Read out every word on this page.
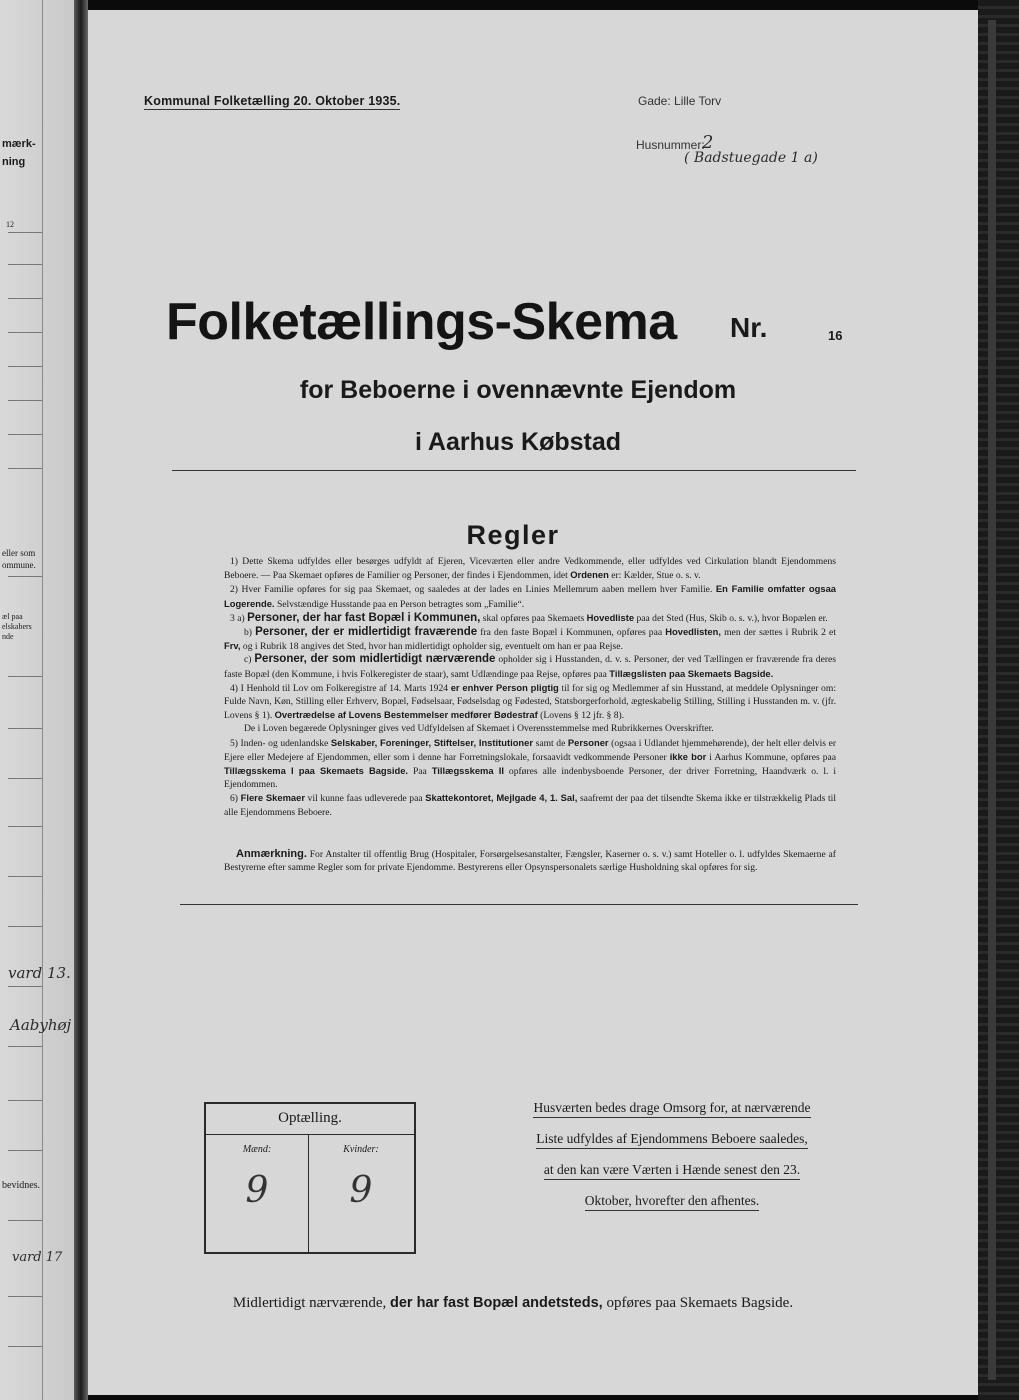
mærk-
ning
12
eller som
ommune.
æl paa
elskabers
nde
vard 13.
Aabyhøj
bevidnes.
vard 17
Kommunal Folketælling 20. Oktober 1935.	Gade: Lille Torv
Husnummer:
2
( Badstuegade 1 a)
Folketællings-Skema Nr.	16
for Beboerne i ovennævnte Ejendom
i Aarhus Købstad
Regler

1) Dette Skema udfyldes eller besørges udfyldt af Ejeren, Viceværten eller andre Vedkommende, eller udfyldes ved Cirkulation blandt Ejendommens Beboere. — Paa Skemaet opføres de Familier og Personer, der findes i Ejendommen, idet Ordenen er: Kælder, Stue o. s. v.

2) Hver Familie opføres for sig paa Skemaet, og saaledes at der lades en Linies Mellemrum aaben mellem hver Familie. En Familie omfatter ogsaa Logerende. Selvstændige Husstande paa en Person betragtes som „Familie“.

3 a) Personer, der har fast Bopæl i Kommunen, skal opføres paa Skemaets Hovedliste paa det Sted (Hus, Skib o. s. v.), hvor Bopælen er.

b) Personer, der er midlertidigt fraværende fra den faste Bopæl i Kommunen, opføres paa Hovedlisten, men der sættes i Rubrik 2 et Frv, og i Rubrik 18 angives det Sted, hvor han midlertidigt opholder sig, eventuelt om han er paa Rejse.

c) Personer, der som midlertidigt nærværende opholder sig i Husstanden, d. v. s. Personer, der ved Tællingen er fraværende fra deres faste Bopæl (den Kommune, i hvis Folkeregister de staar), samt Udlændinge paa Rejse, opføres paa Tillægslisten paa Skemaets Bagside.

4) I Henhold til Lov om Folkeregistre af 14. Marts 1924 er enhver Person pligtig til for sig og Medlemmer af sin Husstand, at meddele Oplysninger om: Fulde Navn, Køn, Stilling eller Erhverv, Bopæl, Fødselsaar, Fødselsdag og Fødested, Statsborgerforhold, ægteskabelig Stilling, Stilling i Husstanden m. v. (jfr. Lovens § 1). Overtrædelse af Lovens Bestemmelser medfører Bødestraf (Lovens § 12 jfr. § 8).

De i Loven begærede Oplysninger gives ved Udfyldelsen af Skemaet i Overensstemmelse med Rubrikkernes Overskrifter.

5) Inden- og udenlandske Selskaber, Foreninger, Stiftelser, Institutioner samt de Personer (ogsaa i Udlandet hjemmehørende), der helt eller delvis er Ejere eller Medejere af Ejendommen, eller som i denne har Forretningslokale, forsaavidt vedkommende Personer ikke bor i Aarhus Kommune, opføres paa Tillægsskema I paa Skemaets Bagside. Paa Tillægsskema II opføres alle indenbysboende Personer, der driver Forretning, Haandværk o. l. i Ejendommen.

6) Flere Skemaer vil kunne faas udleverede paa Skattekontoret, Mejlgade 4, 1. Sal, saafremt der paa det tilsendte Skema ikke er tilstrækkelig Plads til alle Ejendommens Beboere.

Anmærkning. For Anstalter til offentlig Brug (Hospitaler, Forsørgelsesanstalter, Fængsler, Kaserner o. s. v.) samt Hoteller o. l. udfyldes Skemaerne af Bestyrerne efter samme Regler som for private Ejendomme. Bestyrerens eller Opsynspersonalets særlige Husholdning skal opføres for sig.
Optælling.
Mænd:	Kvinder:
9	9
Husværten bedes drage Omsorg for, at nærværende
Liste udfyldes af Ejendommens Beboere saaledes,
at den kan være Værten i Hænde senest den 23.
Oktober, hvorefter den afhentes.
Midlertidigt nærværende, der har fast Bopæl andetsteds, opføres paa Skemaets Bagside.
